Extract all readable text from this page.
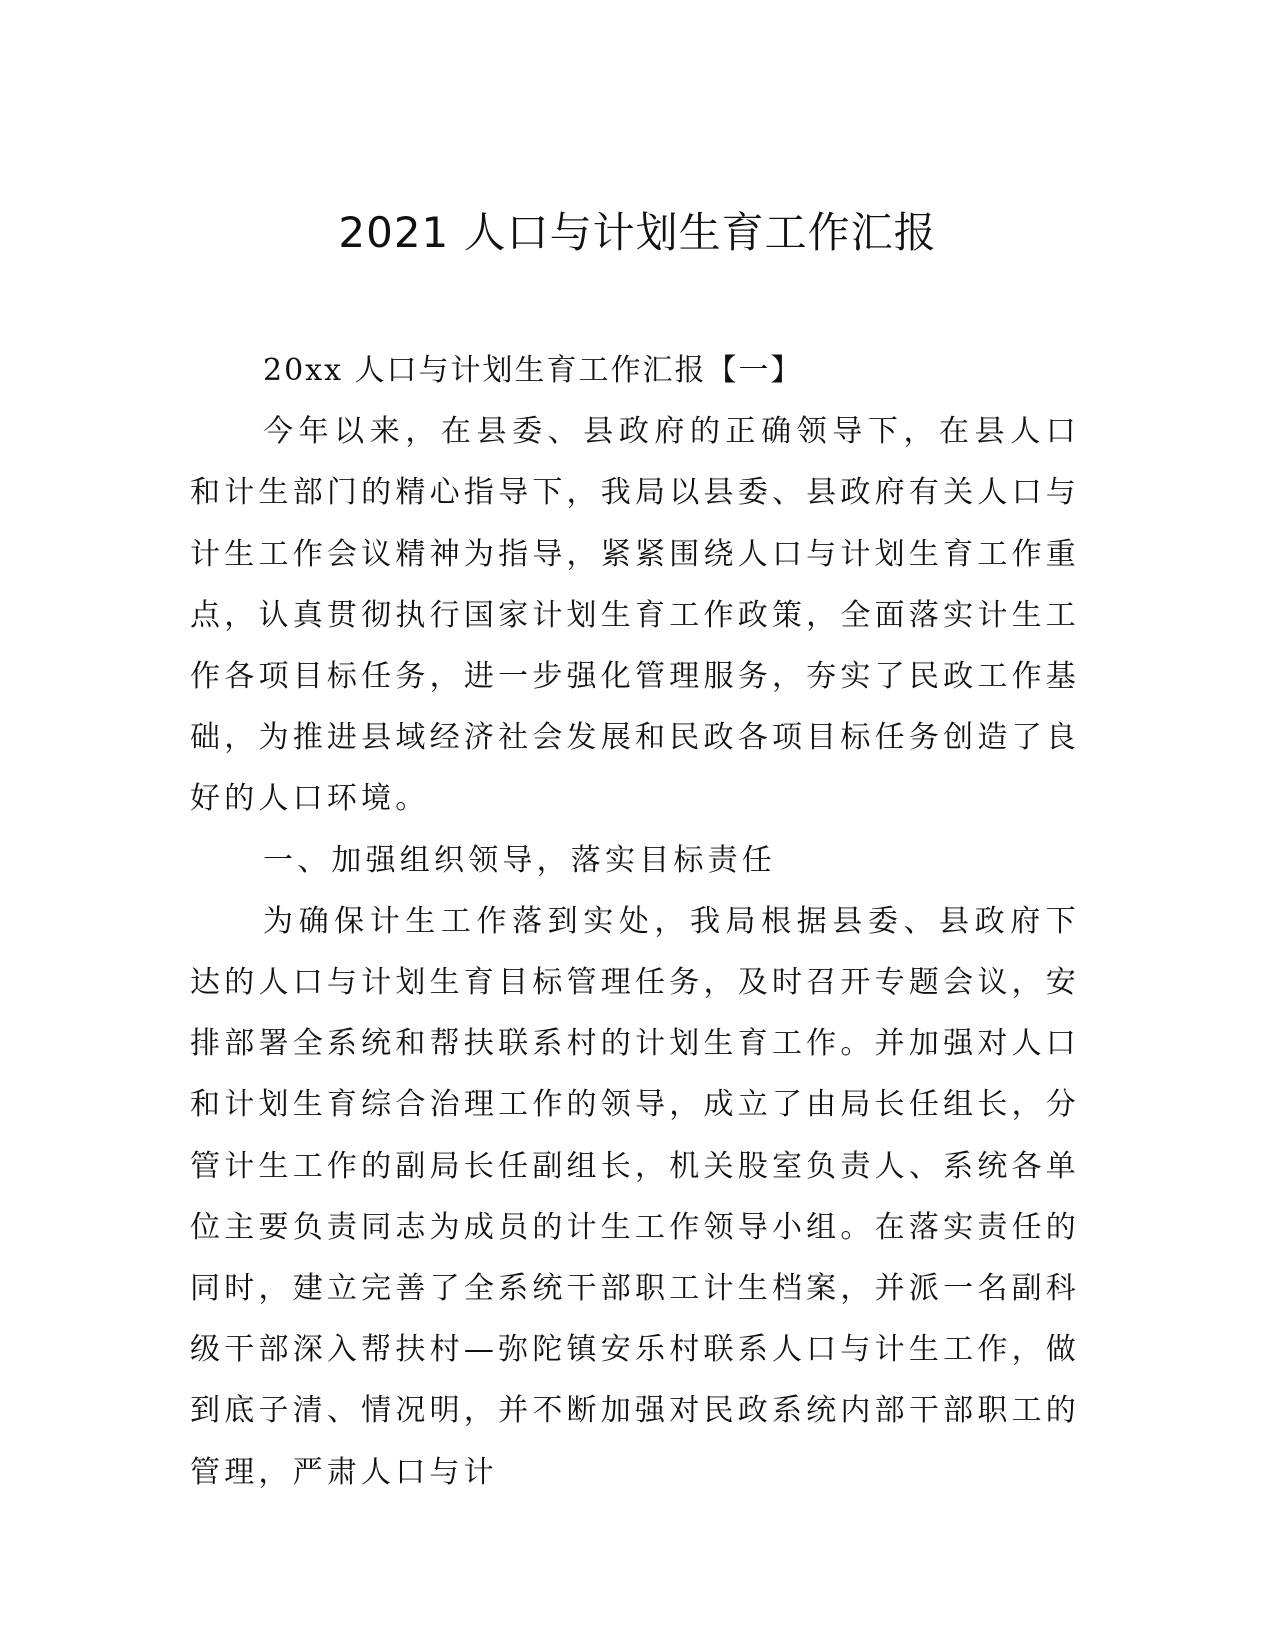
2021 人口与计划生育工作汇报

20xx 人口与计划生育工作汇报【一】

今年以来，在县委、县政府的正确领导下，在县人口和计生部门的精心指导下，我局以县委、县政府有关人口与计生工作会议精神为指导，紧紧围绕人口与计划生育工作重点，认真贯彻执行国家计划生育工作政策，全面落实计生工作各项目标任务，进一步强化管理服务，夯实了民政工作基础，为推进县域经济社会发展和民政各项目标任务创造了良好的人口环境。

一、加强组织领导，落实目标责任

为确保计生工作落到实处，我局根据县委、县政府下达的人口与计划生育目标管理任务，及时召开专题会议，安排部署全系统和帮扶联系村的计划生育工作。并加强对人口和计划生育综合治理工作的领导，成立了由局长任组长，分管计生工作的副局长任副组长，机关股室负责人、系统各单位主要负责同志为成员的计生工作领导小组。在落实责任的同时，建立完善了全系统干部职工计生档案，并派一名副科级干部深入帮扶村—弥陀镇安乐村联系人口与计生工作，做到底子清、情况明，并不断加强对民政系统内部干部职工的管理，严肃人口与计
